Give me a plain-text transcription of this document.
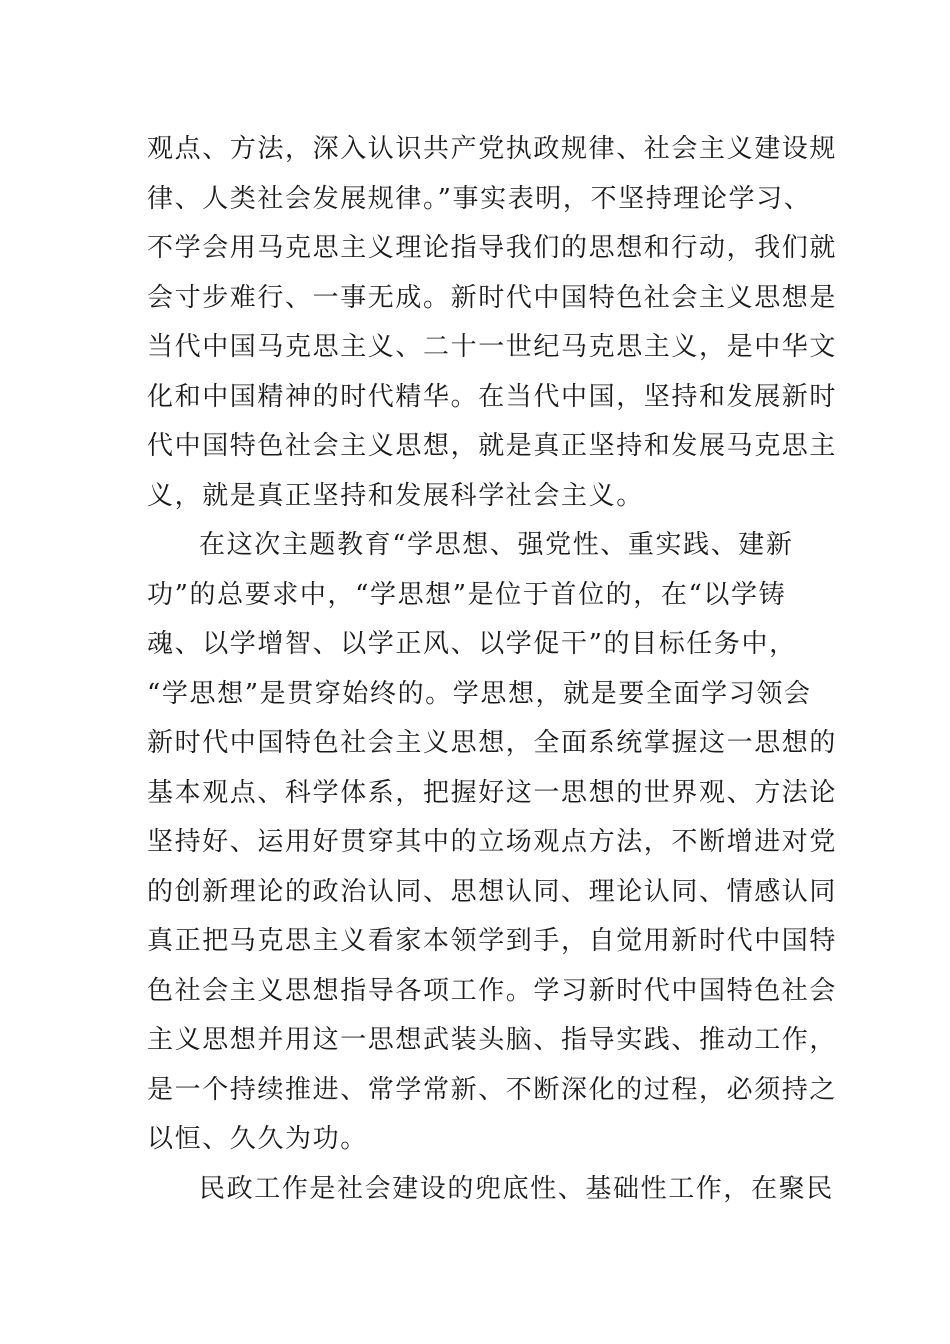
观点、方法，深入认识共产党执政规律、社会主义建设规
律、人类社会发展规律。”事实表明，不坚持理论学习、
不学会用马克思主义理论指导我们的思想和行动，我们就
会寸步难行、一事无成。新时代中国特色社会主义思想是
当代中国马克思主义、二十一世纪马克思主义，是中华文
化和中国精神的时代精华。在当代中国，坚持和发展新时
代中国特色社会主义思想，就是真正坚持和发展马克思主
义，就是真正坚持和发展科学社会主义。
在这次主题教育“学思想、强党性、重实践、建新
功”的总要求中，“学思想”是位于首位的，在“以学铸
魂、以学增智、以学正风、以学促干”的目标任务中，
“学思想”是贯穿始终的。学思想，就是要全面学习领会
新时代中国特色社会主义思想，全面系统掌握这一思想的
基本观点、科学体系，把握好这一思想的世界观、方法论
坚持好、运用好贯穿其中的立场观点方法，不断增进对党
的创新理论的政治认同、思想认同、理论认同、情感认同
真正把马克思主义看家本领学到手，自觉用新时代中国特
色社会主义思想指导各项工作。学习新时代中国特色社会
主义思想并用这一思想武装头脑、指导实践、推动工作，
是一个持续推进、常学常新、不断深化的过程，必须持之
以恒、久久为功。
民政工作是社会建设的兜底性、基础性工作，在聚民
